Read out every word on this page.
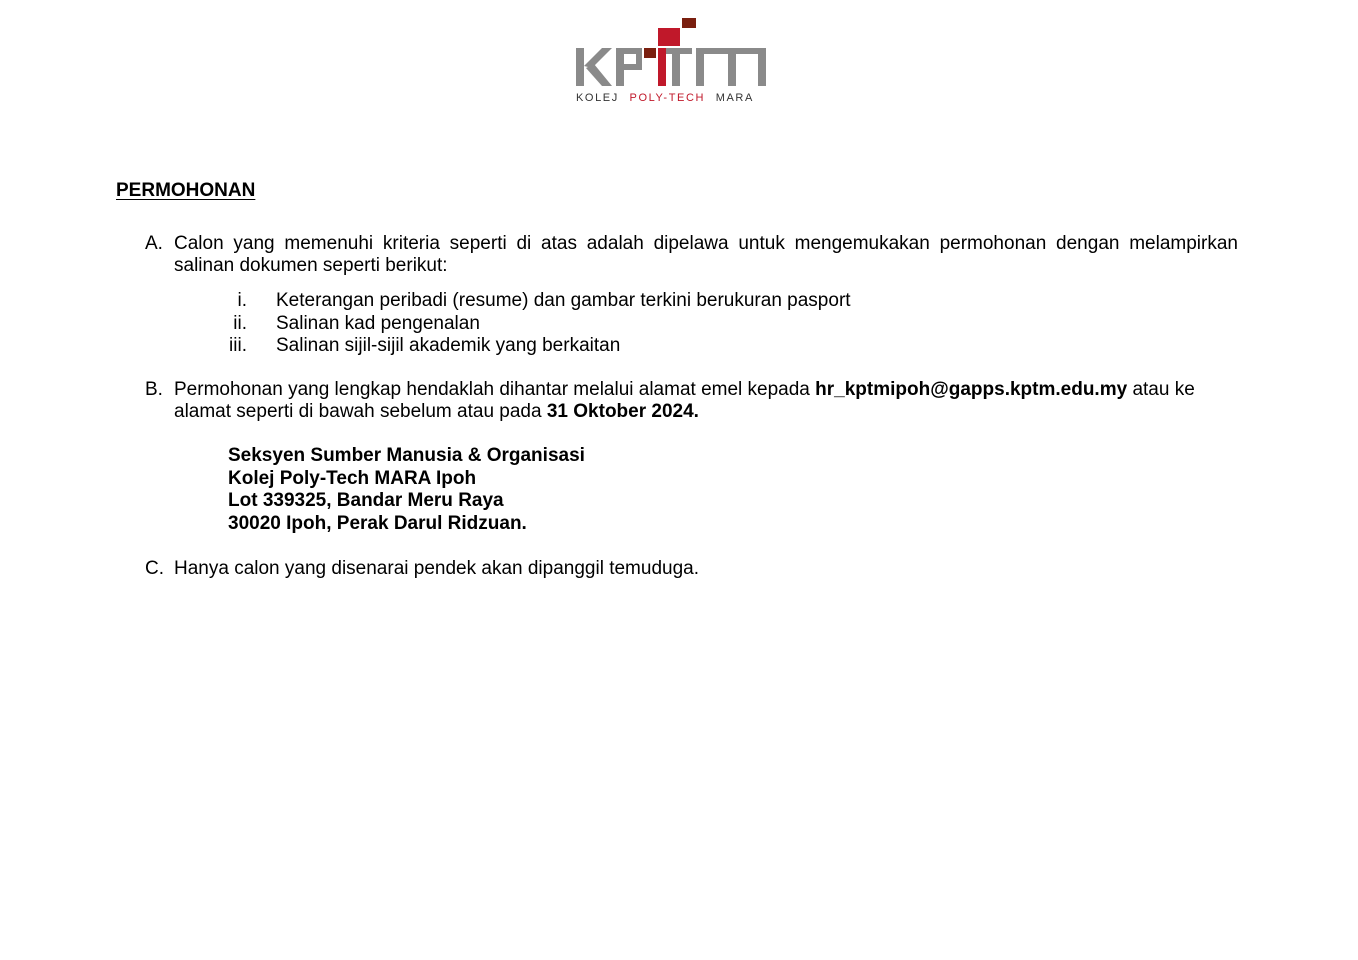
KOLEJ POLY-TECH MARA
PERMOHONAN
A. Calon yang memenuhi kriteria seperti di atas adalah dipelawa untuk mengemukakan permohonan dengan melampirkan salinan dokumen seperti berikut:
i. Keterangan peribadi (resume) dan gambar terkini berukuran pasport
ii. Salinan kad pengenalan
iii. Salinan sijil-sijil akademik yang berkaitan
B. Permohonan yang lengkap hendaklah dihantar melalui alamat emel kepada hr_kptmipoh@gapps.kptm.edu.my atau ke alamat seperti di bawah sebelum atau pada 31 Oktober 2024.
Seksyen Sumber Manusia & Organisasi
Kolej Poly-Tech MARA Ipoh
Lot 339325, Bandar Meru Raya
30020 Ipoh, Perak Darul Ridzuan.
C. Hanya calon yang disenarai pendek akan dipanggil temuduga.
